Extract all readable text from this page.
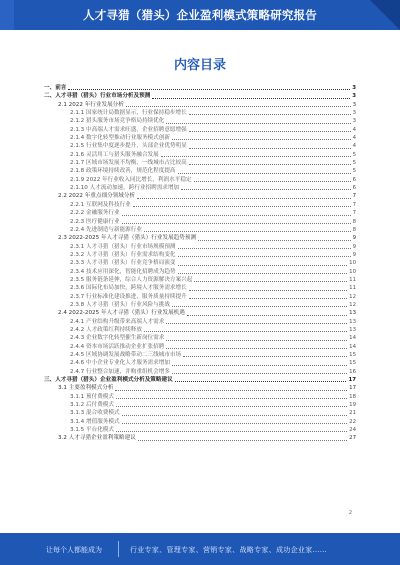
人才寻猎（猎头）企业盈利模式策略研究报告
内容目录
一、前言	3
二、人才寻猎（猎头）行业市场分析及预测	3
2.1 2022 年行业发展分析	3
2.1.1 国家统计局数据显示，行业保持稳步增长	3
2.1.2 猎头服务市场竞争格局持续优化	3
2.1.3 中高端人才需求旺盛，企业招聘意愿增强	4
2.1.4 数字化转型推动行业服务模式创新	4
2.1.5 行业集中度逐步提升，头部企业优势明显	4
2.1.6 灵活用工与猎头服务融合发展	5
2.1.7 区域市场发展不均衡，一线城市占比较高	5
2.1.8 政策环境持续改善，规范化程度提高	5
2.1.9 2022 年行业收入同比增长，利润水平稳定	6
2.1.10 人才流动加速，跨行业招聘需求增加	6
2.2 2022 年重点细分领域分析	7
2.2.1 互联网及科技行业	7
2.2.2 金融服务行业	7
2.2.3 医疗健康行业	8
2.2.4 先进制造与新能源行业	8
2.3 2022-2025 年人才寻猎（猎头）行业发展趋势预测	9
2.3.1 人才寻猎（猎头）行业市场规模预测	9
2.3.2 人才寻猎（猎头）行业需求结构变化	9
2.3.3 人才寻猎（猎头）行业竞争格局演变	10
2.3.4 技术应用深化，智能化招聘成为趋势	10
2.3.5 服务链条延伸，综合人力资源解决方案兴起	11
2.3.6 国际化布局加快，跨境人才服务需求增长	11
2.3.7 行业标准化建设推进，服务质量持续提升	12
2.3.8 人才寻猎（猎头）行业风险与挑战	12
2.4 2022-2025 年人才寻猎（猎头）行业发展机遇	13
2.4.1 产业结构升级带来高端人才需求	13
2.4.2 人才政策红利持续释放	13
2.4.3 企业数字化转型催生新岗位需求	14
2.4.4 资本市场活跃推动企业扩张招聘	14
2.4.5 区域协调发展战略带动二三线城市市场	15
2.4.6 中小企业专业化人才服务需求增加	15
2.4.7 行业整合加速，并购重组机会增多	16
三、人才寻猎（猎头）企业盈利模式分析及策略建议	17
3.1 主要盈利模式分析	17
3.1.1 预付费模式	18
3.1.2 后付费模式	19
3.1.3 混合收费模式	21
3.1.4 增值服务模式	22
3.1.5 平台化模式	24
3.2 人才寻猎企业盈利策略建议	27
2
让每个人都能成为	行业专家、管理专家、营销专家、战略专家、成功企业家……
